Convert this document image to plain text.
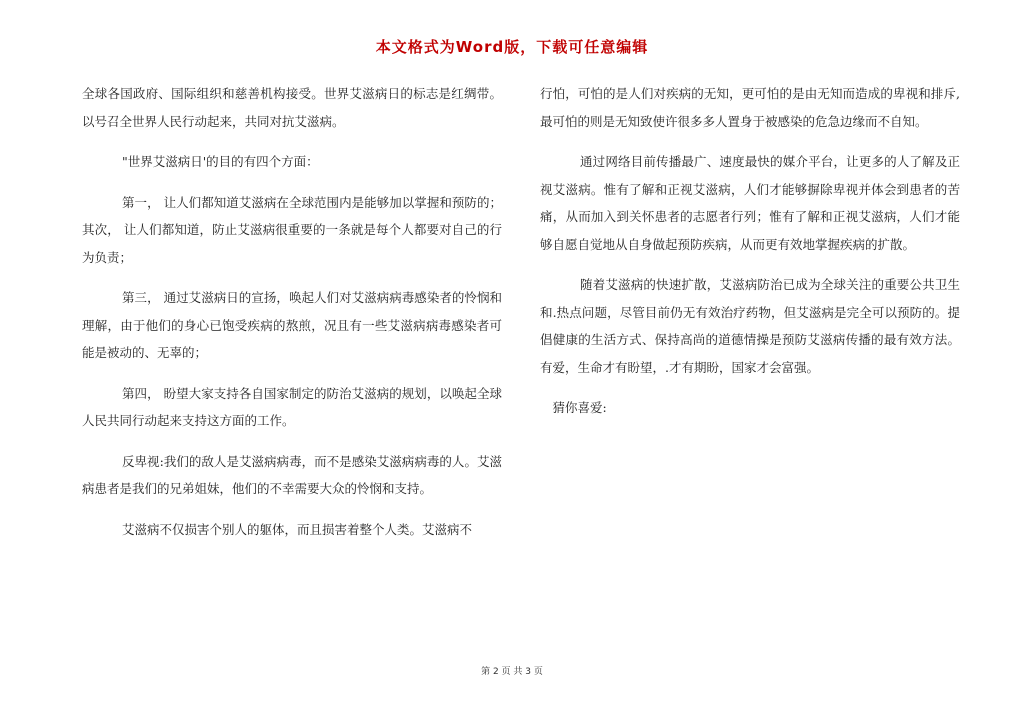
本文格式为Word版，下载可任意编辑

全球各国政府、国际组织和慈善机构接受。世界艾滋病日的标志是红绸带。以号召全世界人民行动起来，共同对抗艾滋病。

"世界艾滋病日'的目的有四个方面：

第一， 让人们都知道艾滋病在全球范围内是能够加以掌握和预防的；其次， 让人们都知道，防止艾滋病很重要的一条就是每个人都要对自己的行为负责；

第三， 通过艾滋病日的宣扬，唤起人们对艾滋病病毒感染者的怜悯和理解，由于他们的身心已饱受疾病的熬煎，况且有一些艾滋病病毒感染者可能是被动的、无辜的；

第四， 盼望大家支持各自国家制定的防治艾滋病的规划，以唤起全球人民共同行动起来支持这方面的工作。

反卑视:我们的敌人是艾滋病病毒，而不是感染艾滋病病毒的人。艾滋病患者是我们的兄弟姐妹，他们的不幸需要大众的怜悯和支持。

艾滋病不仅损害个别人的躯体，而且损害着整个人类。艾滋病不

行怕，可怕的是人们对疾病的无知，更可怕的是由无知而造成的卑视和排斥,最可怕的则是无知致使许很多多人置身于被感染的危急边缘而不自知。

通过网络目前传播最广、速度最快的媒介平台，让更多的人了解及正视艾滋病。惟有了解和正视艾滋病，人们才能够摒除卑视并体会到患者的苦痛，从而加入到关怀患者的志愿者行列；惟有了解和正视艾滋病，人们才能够自愿自觉地从自身做起预防疾病，从而更有效地掌握疾病的扩散。

随着艾滋病的快速扩散，艾滋病防治已成为全球关注的重要公共卫生和.热点问题，尽管目前仍无有效治疗药物，但艾滋病是完全可以预防的。提倡健康的生活方式、保持高尚的道德情操是预防艾滋病传播的最有效方法。 有爱，生命才有盼望，.才有期盼，国家才会富强。

猜你喜爱:

第 2 页 共 3 页
